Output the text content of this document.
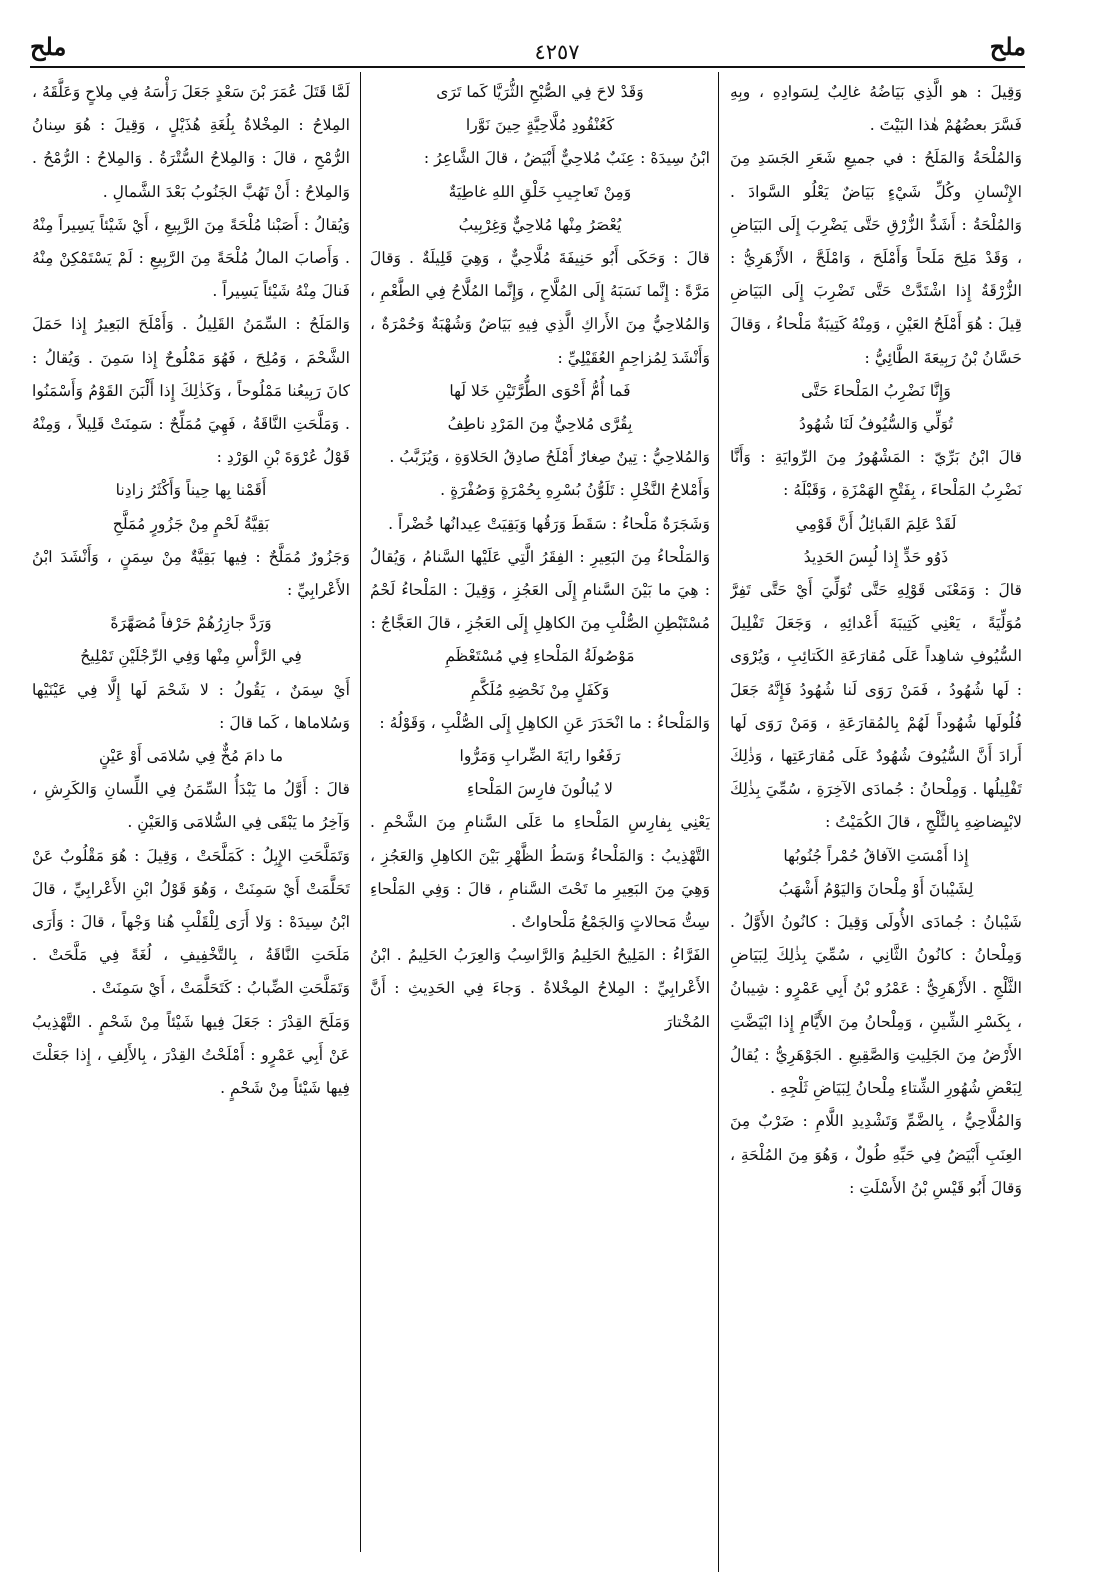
ملح
٤٢٥٧
ملح

وَقِيلَ : هو الَّذِي بَيَاضُهُ غالِبٌ لِسَوادِهِ ، وبِهِ فَسَّرَ بعضُهُمْ هٰذا البَيْتَ .

وَالمُلْحَةُ وَالمَلَحُ : في جميعِ شَعَرِ الجَسَدِ مِنَ الإِنْسانِ وكُلِّ شَيْءٍ بَيَاضٌ يَعْلُو السَّوادَ . وَالمُلْحَةُ : أَشَدُّ الزُّرْقِ حَتَّى يَضْرِبَ إِلَى البَيَاضِ ، وَقَدْ مَلِحَ مَلَحاً وَأَمْلَحَ ، وَامْلَحَّ ، الأَزْهَرِيُّ : الزُّرْقَةُ إِذا اشْتَدَّتْ حَتَّى تَضْرِبَ إِلَى البَيَاضِ قِيلَ : هُوَ أَمْلَحُ العَيْنِ ، وَمِنْهُ كَتِيبَةٌ مَلْحاءُ ، وَقالَ حَسَّانُ بْنُ رَبِيعَةَ الطَّائِيُّ :

وَإِنَّا نَضْرِبُ المَلْحاءَ حَتَّى

تُوَلِّي وَالسُّيُوفُ لَنَا شُهُودُ

قالَ ابْنُ بَرِّيّ : المَشْهُورُ مِنَ الرِّوايَةِ : وَأَنَّا نَضْرِبُ المَلْحاءَ ، بِفَتْحِ الهَمْزَةِ ، وَقَبْلَهُ :

لَقَدْ عَلِمَ القَبائِلُ أَنَّ قَوْمِي

ذَوُو حَدٍّ إِذا لُبِسَ الحَدِيدُ

قالَ : وَمَعْنَى قَوْلِهِ حَتَّى تُوَلِّيَ أَيْ حَتَّى تَفِرَّ مُوَلِّيَةً ، يَعْنِي كَتِيبَةَ أَعْدائِهِ ، وَجَعَلَ تَفْلِيلَ السُّيُوفِ شاهِداً عَلَى مُقارَعَةِ الكَتائِبِ ، وَيُرْوَى : لَها شُهُودُ ، فَمَنْ رَوَى لَنا شُهُودُ فَإِنَّهُ جَعَلَ فُلُولَها شُهُوداً لَهُمْ بِالمُقارَعَةِ ، وَمَنْ رَوَى لَها أَرادَ أَنَّ السُّيُوفَ شُهُودٌ عَلَى مُقارَعَتِها ، وَذٰلِكَ تَفْلِيلُها . وَمِلْحانُ : جُمادَى الآخِرَةِ ، سُمِّيَ بِذٰلِكَ لابْيِضاضِهِ بِالثَّلْجِ ، قالَ الكُمَيْتُ :

إِذا أَمْسَتِ الآفاقُ حُمْراً جُنُوبُها

لِشَيْبانَ أَوْ مِلْحانَ وَاليَوْمُ أَشْهَبُ

شَيْبانُ : جُمادَى الأُولَى وَقِيلَ : كانُونُ الأَوَّلُ . وَمِلْحانُ : كانُونُ الثَّانِي ، سُمِّيَ بِذٰلِكَ لِبَيَاضِ الثَّلْجِ . الأَزْهَرِيُّ : عَمْرُو بْنُ أَبِي عَمْرٍو : شِيبانُ ، بِكَسْرِ الشِّينِ ، وَمِلْحانُ مِنَ الأَيَّامِ إِذا ابْيَضَّتِ الأَرْضُ مِنَ الجَلِيتِ وَالصَّقِيعِ . الجَوْهَرِيُّ : يُقالُ لِبَعْضِ شُهُورِ الشِّتاءِ مِلْحانُ لِبَيَاضِ ثَلْجِهِ .

وَالمُلَّاحِيُّ ، بِالضَّمِّ وَتَشْدِيدِ اللَّامِ : ضَرْبٌ مِنَ العِنَبِ أَبْيَضُ فِي حَبِّهِ طُولٌ ، وَهُوَ مِنَ المُلْحَةِ ، وَقالَ أَبُو قَيْسِ بْنُ الأَسْلَتِ :

وَقَدْ لاحَ فِي الصُّبْحِ الثُّرَيَّا كَما تَرَى

كَعُنْقُودِ مُلَّاحِيَّةٍ حِينَ نَوَّرا

ابْنُ سِيدَهْ : عِنَبٌ مُلاحِيٌّ أَبْيَضُ ، قالَ الشَّاعِرُ :

وَمِنْ تَعاجِيبِ خَلْقِ اللهِ غاطِيَةٌ

يُعْصَرُ مِنْها مُلاحِيٌّ وَغِرْبِيبُ

قالَ : وَحَكَى أَبُو حَنِيفَةَ مُلَّاحِيٌّ ، وَهِيَ قَلِيلَةٌ . وَقالَ مَرَّةً : إِنَّما نَسَبَهُ إِلَى المُلَّاحِ ، وَإِنَّما المُلَّاحُ فِي الطَّعْمِ ، وَالمُلاحِيُّ مِنَ الأَراكِ الَّذِي فِيهِ بَيَاضٌ وَشُهْبَةٌ وَحُمْرَةٌ ، وَأَنْشَدَ لِمُزاحِمٍ العُقَيْلِيِّ :

فَما أُمُّ أَحْوَى الطُّرَّتَيْنِ خَلا لَها

بِقُرَّى مُلاحِيٌّ مِنَ المَرْدِ ناطِفُ

وَالمُلاحِيُّ : تِينٌ صِغارٌ أَمْلَحُ صادِقُ الحَلاوَةِ ، وَيُزَبَّبُ .

وَأَمْلاحُ النَّخْلِ : تَلَوُّنُ بُسْرِهِ بِحُمْرَةٍ وَصُفْرَةٍ .

وَشَجَرَةٌ مَلْحاءُ : سَقَطَ وَرَقُها وَبَقِيَتْ عِيدانُها خُضْراً .

وَالمَلْحاءُ مِنَ البَعِيرِ : الفِقَرُ الَّتِي عَلَيْها السَّنامُ ، وَيُقالُ : هِيَ ما بَيْنَ السَّنامِ إِلَى العَجُزِ ، وَقِيلَ : المَلْحاءُ لَحْمُ مُسْتَبْطِنِ الصُّلْبِ مِنَ الكاهِلِ إِلَى العَجُزِ ، قالَ العَجَّاجُ :

مَوْصُولَةُ المَلْحاءِ فِي مُسْتَعْظَمِ

وَكَفَلٍ مِنْ نَحْضِهِ مُلَكَّمِ

وَالمَلْحاءُ : ما انْحَدَرَ عَنِ الكاهِلِ إِلَى الصُّلْبِ ، وَقَوْلُهُ :

رَفَعُوا رايَةَ الضِّرابِ وَمَرُّوا

لا يُبالُونَ فارِسَ المَلْحاءِ

يَعْنِي بِفارِسِ المَلْحاءِ ما عَلَى السَّنامِ مِنَ الشَّحْمِ . التَّهْذِيبُ : وَالمَلْحاءُ وَسَطُ الظَّهْرِ بَيْنَ الكاهِلِ وَالعَجُزِ ، وَهِيَ مِنَ البَعِيرِ ما تَحْتَ السَّنامِ ، قالَ : وَفِي المَلْحاءِ سِتُّ مَحالاتٍ وَالجَمْعُ مَلْحاواتٌ .

الفَرَّاءُ : المَلِيحُ الحَلِيمُ وَالرَّاسِبُ وَالعِرَبُ الحَلِيمُ . ابْنُ الأَعْرابِيِّ : المِلاحُ المِخْلاةُ . وَجاءَ فِي الحَدِيثِ : أَنَّ المُخْتارَ

لَمَّا قَتَلَ عُمَرَ بْنَ سَعْدٍ جَعَلَ رَأْسَهُ فِي مِلاحٍ وَعَلَّقَهُ ، المِلاحُ : المِخْلاةُ بِلُغَةِ هُذَيْلٍ ، وَقِيلَ : هُوَ سِنانُ الرُّمْحِ ، قالَ : وَالمِلاحُ السُّتْرَةُ . وَالمِلاحُ : الرُّمْحُ . وَالمِلاحُ : أَنْ تَهُبَّ الجَنُوبُ بَعْدَ الشَّمالِ .

وَيُقالُ : أَصَبْنا مُلْحَةً مِنَ الرَّبِيعِ ، أَيْ شَيْئاً يَسِيراً مِنْهُ . وَأَصابَ المالُ مُلْحَةً مِنَ الرَّبِيعِ : لَمْ يَسْتَمْكِنْ مِنْهُ فَنالَ مِنْهُ شَيْئاً يَسِيراً .

وَالمَلَحُ : السِّمَنُ القَلِيلُ . وَأَمْلَحَ البَعِيرُ إِذا حَمَلَ الشَّحْمَ ، وَمُلِحَ ، فَهُوَ مَمْلُوحٌ إِذا سَمِنَ . وَيُقالُ : كانَ رَبِيعُنا مَمْلُوحاً ، وَكَذٰلِكَ إِذا أَلْبَنَ القَوْمُ وَأَسْمَنُوا . وَمَلَّحَتِ النَّاقَةُ ، فَهِيَ مُمَلِّحٌ : سَمِنَتْ قَلِيلاً ، وَمِنْهُ قَوْلُ عُرْوَةَ بْنِ الوَرْدِ :

أَقَمْنا بِها حِيناً وَأَكْثَرُ زادِنا

بَقِيَّةُ لَحْمٍ مِنْ جَزُورٍ مُمَلَّحِ

وَجَزُورٌ مُمَلَّحٌ : فِيها بَقِيَّةٌ مِنْ سِمَنٍ ، وَأَنْشَدَ ابْنُ الأَعْرابِيِّ :

وَرَدَّ جازِرُهُمْ حَرْفاً مُصَهَّرَةً

فِي الرَّأْسِ مِنْها وَفِي الرِّجْلَيْنِ تَمْلِيحُ

أَيْ سِمَنٌ ، يَقُولُ : لا شَحْمَ لَها إِلَّا فِي عَيْنَيْها وَسُلاماها ، كَما قالَ :

ما دامَ مُخٌّ فِي سُلامَى أَوْ عَيْنٍ

قالَ : أَوَّلُ ما يَبْدَأُ السِّمَنُ فِي اللِّسانِ وَالكَرِشِ ، وَآخِرُ ما يَبْقَى فِي السُّلامَى وَالعَيْنِ .

وَتَمَلَّحَتِ الإِبِلُ : كَمَلَّحَتْ ، وَقِيلَ : هُوَ مَقْلُوبٌ عَنْ تَحَلَّمَتْ أَيْ سَمِنَتْ ، وَهُوَ قَوْلُ ابْنِ الأَعْرابِيِّ ، قالَ ابْنُ سِيدَهْ : وَلا أَرَى لِلْقَلْبِ هُنا وَجْهاً ، قالَ : وَأَرَى مَلَحَتِ النَّاقَةُ ، بِالتَّخْفِيفِ ، لُغَةً فِي مَلَّحَتْ . وَتَمَلَّحَتِ الضِّبابُ : كَتَحَلَّمَتْ ، أَيْ سَمِنَتْ .

وَمَلَحَ القِدْرَ : جَعَلَ فِيها شَيْئاً مِنْ شَحْمٍ . التَّهْذِيبُ عَنْ أَبِي عَمْرٍو : أَمْلَحْتُ القِدْرَ ، بِالأَلِفِ ، إِذا جَعَلْتَ فِيها شَيْئاً مِنْ شَحْمٍ .
